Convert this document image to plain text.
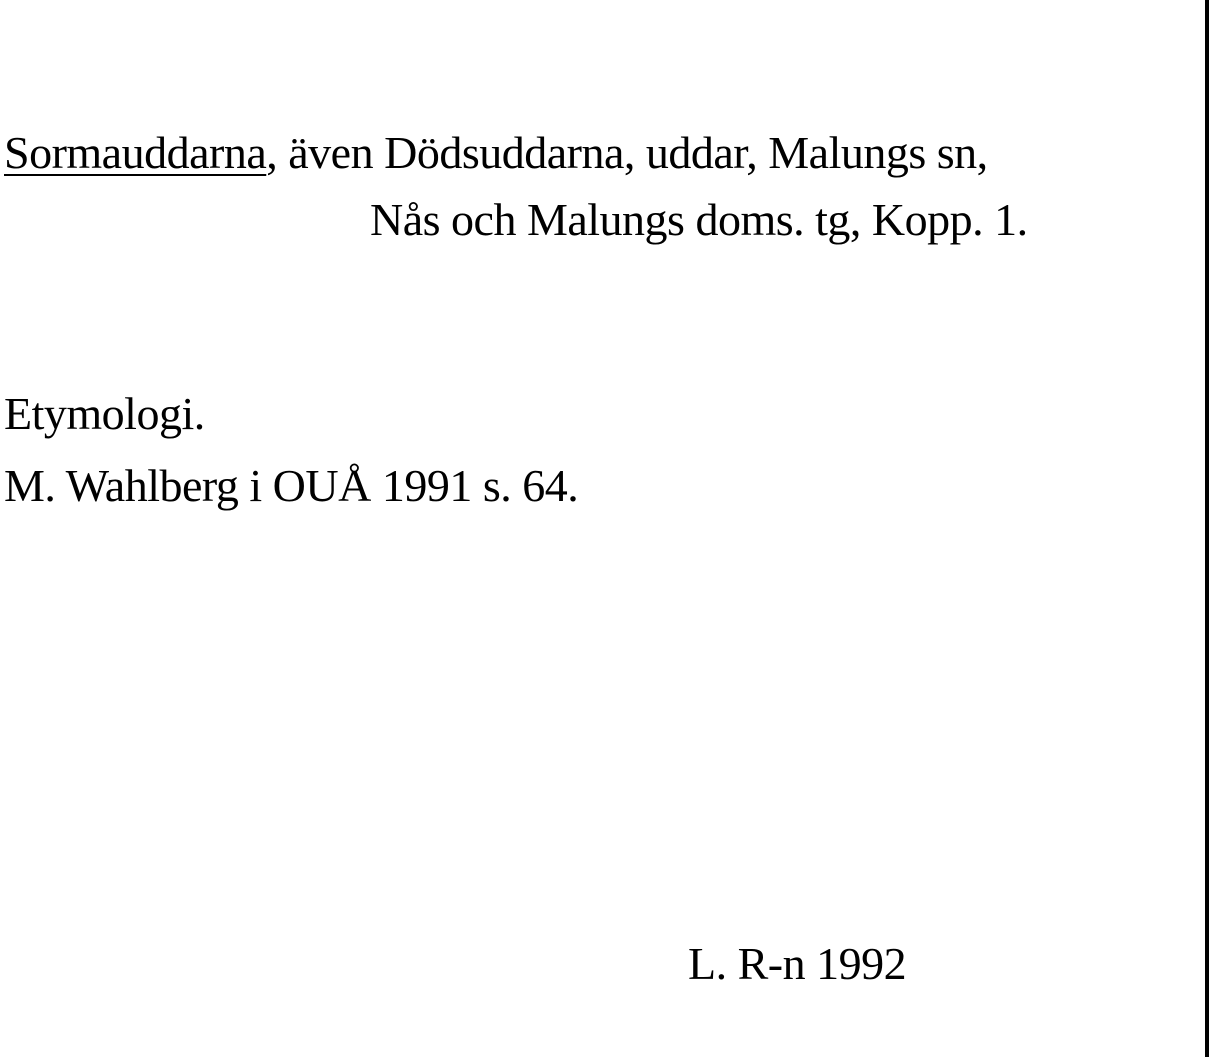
Sormauddarna, även Dödsuddarna, uddar, Malungs sn,
Nås och Malungs doms. tg, Kopp. 1.
Etymologi.
M. Wahlberg i OUÅ 1991 s. 64.
L. R-n 1992
